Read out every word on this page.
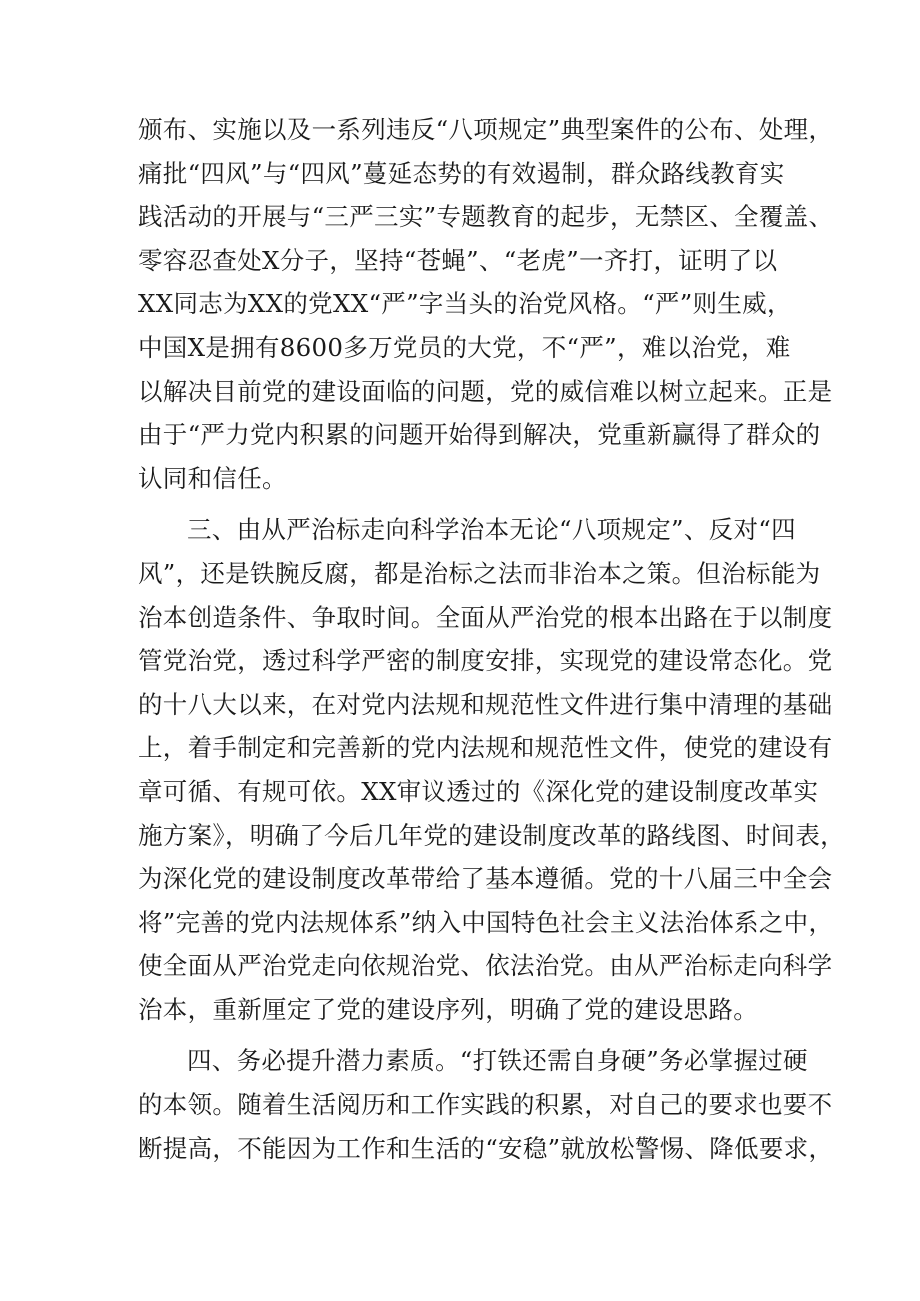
颁布、实施以及一系列违反“八项规定”典型案件的公布、处理，
痛批“四风”与“四风”蔓延态势的有效遏制，群众路线教育实
践活动的开展与“三严三实”专题教育的起步，无禁区、全覆盖、
零容忍查处X分子，坚持“苍蝇”、“老虎”一齐打，证明了以
XX同志为XX的党XX“严”字当头的治党风格。“严”则生威，
中国X是拥有8600多万党员的大党，不“严”，难以治党，难
以解决目前党的建设面临的问题，党的威信难以树立起来。正是
由于“严力党内积累的问题开始得到解决，党重新赢得了群众的
认同和信任。
三、由从严治标走向科学治本无论“八项规定”、反对“四
风”，还是铁腕反腐，都是治标之法而非治本之策。但治标能为
治本创造条件、争取时间。全面从严治党的根本出路在于以制度
管党治党，透过科学严密的制度安排，实现党的建设常态化。党
的十八大以来，在对党内法规和规范性文件进行集中清理的基础
上，着手制定和完善新的党内法规和规范性文件，使党的建设有
章可循、有规可依。XX审议透过的《深化党的建设制度改革实
施方案》，明确了今后几年党的建设制度改革的路线图、时间表，
为深化党的建设制度改革带给了基本遵循。党的十八届三中全会
将”完善的党内法规体系”纳入中国特色社会主义法治体系之中，
使全面从严治党走向依规治党、依法治党。由从严治标走向科学
治本，重新厘定了党的建设序列，明确了党的建设思路。
四、务必提升潜力素质。“打铁还需自身硬”务必掌握过硬
的本领。随着生活阅历和工作实践的积累，对自己的要求也要不
断提高，不能因为工作和生活的“安稳”就放松警惕、降低要求，
